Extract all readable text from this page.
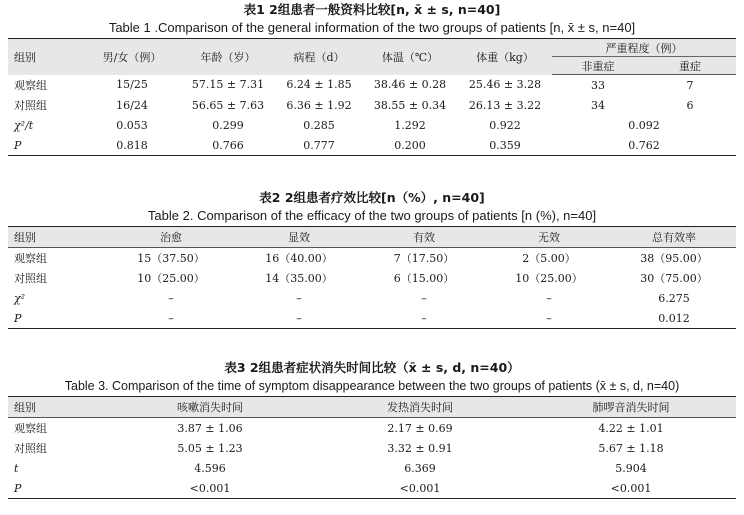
表1 2组患者一般资料比较[n, x̄ ± s, n=40]
Table 1 .Comparison of the general information of the two groups of patients [n, x̄ ± s, n=40]
组别	男/女（例）	年龄（岁）	病程（d）	体温（℃）	体重（kg）	严重程度（例）	
						非重症	重症
观察组	15/25	57.15 ± 7.31	6.24 ± 1.85	38.46 ± 0.28	25.46 ± 3.28	33	7
对照组	16/24	56.65 ± 7.63	6.36 ± 1.92	38.55 ± 0.34	26.13 ± 3.22	34	6
χ²/t	0.053	0.299	0.285	1.292	0.922	0.092	
P	0.818	0.766	0.777	0.200	0.359	0.762	
表2 2组患者疗效比较[n（%）, n=40]
Table 2. Comparison of the efficacy of the two groups of patients [n (%), n=40]
组别	治愈	显效	有效	无效	总有效率
观察组	15（37.50）	16（40.00）	7（17.50）	2（5.00）	38（95.00）
对照组	10（25.00）	14（35.00）	6（15.00）	10（25.00）	30（75.00）
χ²	–	–	–	–	6.275
P	–	–	–	–	0.012
表3 2组患者症状消失时间比较（x̄ ± s, d, n=40）
Table 3. Comparison of the time of symptom disappearance between the two groups of patients (x̄ ± s, d, n=40)
组别	咳嗽消失时间	发热消失时间	肺啰音消失时间
观察组	3.87 ± 1.06	2.17 ± 0.69	4.22 ± 1.01
对照组	5.05 ± 1.23	3.32 ± 0.91	5.67 ± 1.18
t	4.596	6.369	5.904
P	<0.001	<0.001	<0.001
